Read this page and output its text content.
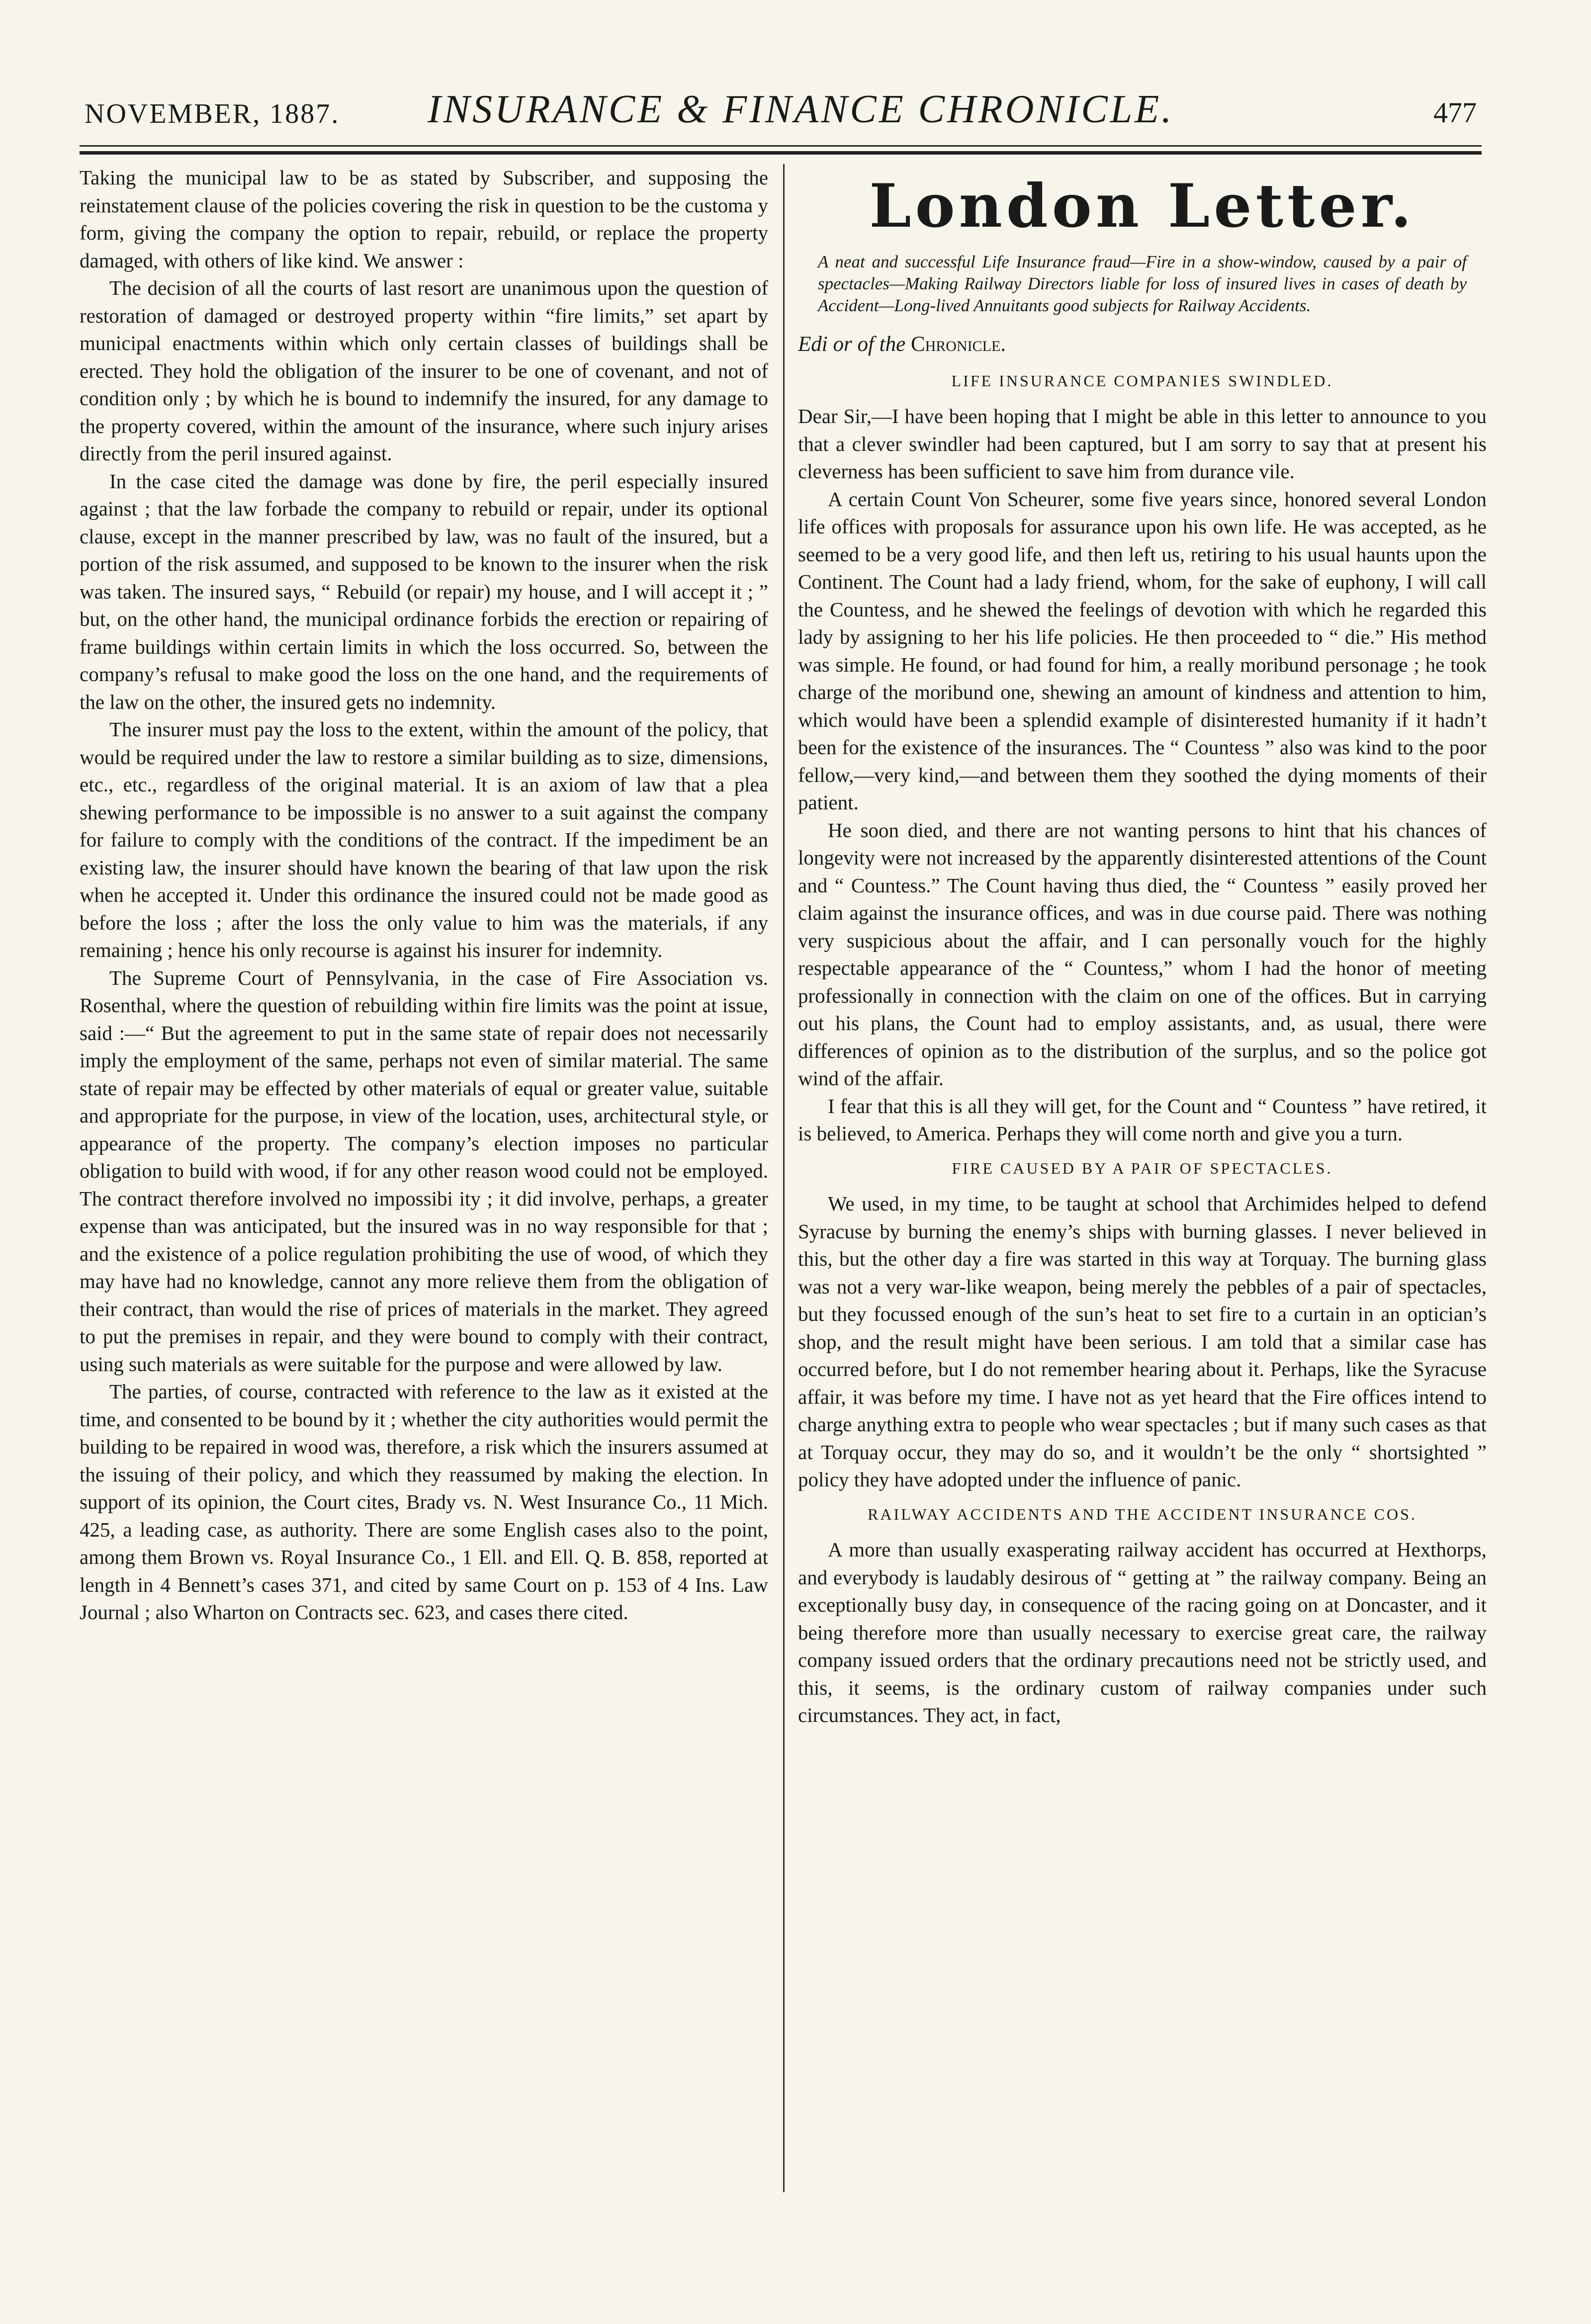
NOVEMBER, 1887. INSURANCE & FINANCE CHRONICLE.	477

Taking the municipal law to be as stated by Subscriber, and supposing the reinstatement clause of the policies covering the risk in question to be the customa y form, giving the company the option to repair, rebuild, or replace the property damaged, with others of like kind. We answer :

The decision of all the courts of last resort are unanimous upon the question of restoration of damaged or destroyed property within “fire limits,” set apart by municipal enactments within which only certain classes of buildings shall be erected. They hold the obligation of the insurer to be one of covenant, and not of condition only ; by which he is bound to indemnify the insured, for any damage to the property covered, within the amount of the insurance, where such injury arises directly from the peril insured against.

In the case cited the damage was done by fire, the peril especially insured against ; that the law forbade the company to rebuild or repair, under its optional clause, except in the manner prescribed by law, was no fault of the insured, but a portion of the risk assumed, and supposed to be known to the insurer when the risk was taken. The insured says, “ Rebuild (or repair) my house, and I will accept it ; ” but, on the other hand, the municipal ordinance forbids the erection or repairing of frame buildings within certain limits in which the loss occurred. So, between the company’s refusal to make good the loss on the one hand, and the requirements of the law on the other, the insured gets no indemnity.

The insurer must pay the loss to the extent, within the amount of the policy, that would be required under the law to restore a similar building as to size, dimensions, etc., etc., regardless of the original material. It is an axiom of law that a plea shewing performance to be impossible is no answer to a suit against the company for failure to comply with the conditions of the contract. If the impediment be an existing law, the insurer should have known the bearing of that law upon the risk when he accepted it. Under this ordinance the insured could not be made good as before the loss ; after the loss the only value to him was the materials, if any remaining ; hence his only recourse is against his insurer for indemnity.

The Supreme Court of Pennsylvania, in the case of Fire Association vs. Rosenthal, where the question of rebuilding within fire limits was the point at issue, said :—“ But the agreement to put in the same state of repair does not necessarily imply the employment of the same, perhaps not even of similar material. The same state of repair may be effected by other materials of equal or greater value, suitable and appropriate for the purpose, in view of the location, uses, architectural style, or appearance of the property. The company’s election imposes no particular obligation to build with wood, if for any other reason wood could not be employed. The contract therefore involved no impossibi ity ; it did involve, perhaps, a greater expense than was anticipated, but the insured was in no way responsible for that ; and the existence of a police regulation prohibiting the use of wood, of which they may have had no knowledge, cannot any more relieve them from the obligation of their contract, than would the rise of prices of materials in the market. They agreed to put the premises in repair, and they were bound to comply with their contract, using such materials as were suitable for the purpose and were allowed by law.

The parties, of course, contracted with reference to the law as it existed at the time, and consented to be bound by it ; whether the city authorities would permit the building to be repaired in wood was, therefore, a risk which the insurers assumed at the issuing of their policy, and which they reassumed by making the election. In support of its opinion, the Court cites, Brady vs. N. West Insurance Co., 11 Mich. 425, a leading case, as authority. There are some English cases also to the point, among them Brown vs. Royal Insurance Co., 1 Ell. and Ell. Q. B. 858, reported at length in 4 Bennett’s cases 371, and cited by same Court on p. 153 of 4 Ins. Law Journal ; also Wharton on Contracts sec. 623, and cases there cited.

London Letter.
A neat and successful Life Insurance fraud—Fire in a show-window, caused by a pair of spectacles—Making Railway Directors liable for loss of insured lives in cases of death by Accident—Long-lived Annuitants good subjects for Railway Accidents.
Edi or of the Chronicle.
LIFE INSURANCE COMPANIES SWINDLED.

Dear Sir,—I have been hoping that I might be able in this letter to announce to you that a clever swindler had been captured, but I am sorry to say that at present his cleverness has been sufficient to save him from durance vile.

A certain Count Von Scheurer, some five years since, honored several London life offices with proposals for assurance upon his own life. He was accepted, as he seemed to be a very good life, and then left us, retiring to his usual haunts upon the Continent. The Count had a lady friend, whom, for the sake of euphony, I will call the Countess, and he shewed the feelings of devotion with which he regarded this lady by assigning to her his life policies. He then proceeded to “ die.” His method was simple. He found, or had found for him, a really moribund personage ; he took charge of the moribund one, shewing an amount of kindness and attention to him, which would have been a splendid example of disinterested humanity if it hadn’t been for the existence of the insurances. The “ Countess ” also was kind to the poor fellow,—very kind,—and between them they soothed the dying moments of their patient.

He soon died, and there are not wanting persons to hint that his chances of longevity were not increased by the apparently disinterested attentions of the Count and “ Countess.” The Count having thus died, the “ Countess ” easily proved her claim against the insurance offices, and was in due course paid. There was nothing very suspicious about the affair, and I can personally vouch for the highly respectable appearance of the “ Countess,” whom I had the honor of meeting professionally in connection with the claim on one of the offices. But in carrying out his plans, the Count had to employ assistants, and, as usual, there were differences of opinion as to the distribution of the surplus, and so the police got wind of the affair.

I fear that this is all they will get, for the Count and “ Countess ” have retired, it is believed, to America. Perhaps they will come north and give you a turn.

FIRE CAUSED BY A PAIR OF SPECTACLES.

We used, in my time, to be taught at school that Archimides helped to defend Syracuse by burning the enemy’s ships with burning glasses. I never believed in this, but the other day a fire was started in this way at Torquay. The burning glass was not a very war-like weapon, being merely the pebbles of a pair of spectacles, but they focussed enough of the sun’s heat to set fire to a curtain in an optician’s shop, and the result might have been serious. I am told that a similar case has occurred before, but I do not remember hearing about it. Perhaps, like the Syracuse affair, it was before my time. I have not as yet heard that the Fire offices intend to charge anything extra to people who wear spectacles ; but if many such cases as that at Torquay occur, they may do so, and it wouldn’t be the only “ shortsighted ” policy they have adopted under the influence of panic.

RAILWAY ACCIDENTS AND THE ACCIDENT INSURANCE COS.

A more than usually exasperating railway accident has occurred at Hexthorps, and everybody is laudably desirous of “ getting at ” the railway company. Being an exceptionally busy day, in consequence of the racing going on at Doncaster, and it being therefore more than usually necessary to exercise great care, the railway company issued orders that the ordinary precautions need not be strictly used, and this, it seems, is the ordinary custom of railway companies under such circumstances. They act, in fact,
